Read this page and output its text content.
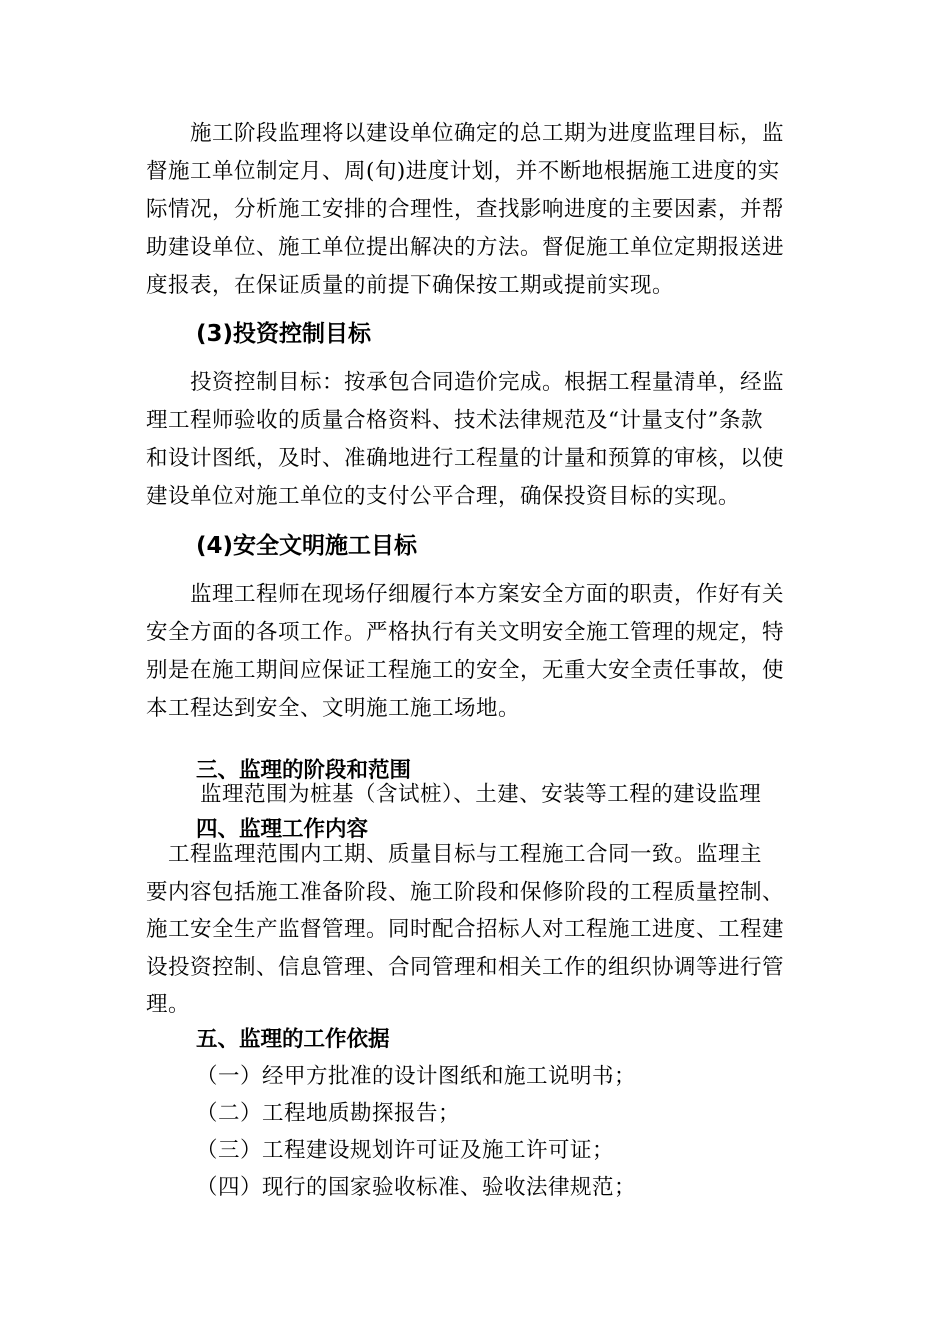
　　施工阶段监理将以建设单位确定的总工期为进度监理目标，监
督施工单位制定月、周(旬)进度计划，并不断地根据施工进度的实
际情况，分析施工安排的合理性，查找影响进度的主要因素，并帮
助建设单位、施工单位提出解决的方法。督促施工单位定期报送进
度报表，在保证质量的前提下确保按工期或提前实现。
(3)投资控制目标
　　投资控制目标：按承包合同造价完成。根据工程量清单，经监
理工程师验收的质量合格资料、技术法律规范及“计量支付”条款
和设计图纸，及时、准确地进行工程量的计量和预算的审核，以使
建设单位对施工单位的支付公平合理，确保投资目标的实现。
(4)安全文明施工目标
　　监理工程师在现场仔细履行本方案安全方面的职责，作好有关
安全方面的各项工作。严格执行有关文明安全施工管理的规定，特
别是在施工期间应保证工程施工的安全，无重大安全责任事故，使
本工程达到安全、文明施工施工场地。
三、监理的阶段和范围
监理范围为桩基（含试桩）、土建、安装等工程的建设监理
四、监理工作内容
　工程监理范围内工期、质量目标与工程施工合同一致。监理主
要内容包括施工准备阶段、施工阶段和保修阶段的工程质量控制、
施工安全生产监督管理。同时配合招标人对工程施工进度、工程建
设投资控制、信息管理、合同管理和相关工作的组织协调等进行管
理。
五、监理的工作依据
（一）经甲方批准的设计图纸和施工说明书；
（二）工程地质勘探报告；
（三）工程建设规划许可证及施工许可证；
（四）现行的国家验收标准、验收法律规范；
